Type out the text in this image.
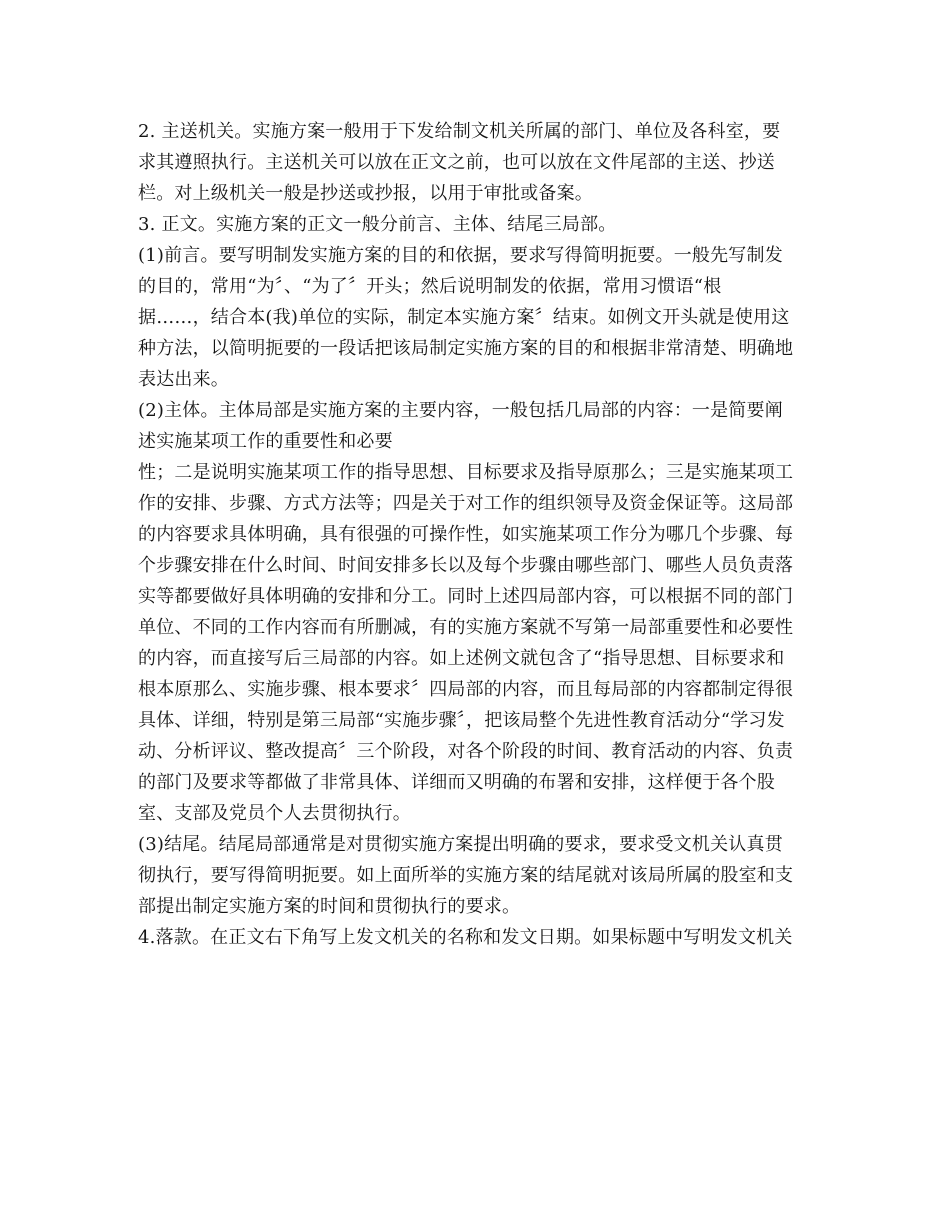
2. 主送机关。实施方案一般用于下发给制文机关所属的部门、单位及各科室，要
求其遵照执行。主送机关可以放在正文之前，也可以放在文件尾部的主送、抄送
栏。对上级机关一般是抄送或抄报，以用于审批或备案。
3. 正文。实施方案的正文一般分前言、主体、结尾三局部。
(1)前言。要写明制发实施方案的目的和依据，要求写得简明扼要。一般先写制发
的目的，常用“为〞、“为了〞开头；然后说明制发的依据，常用习惯语“根
据……，结合本(我)单位的实际，制定本实施方案〞结束。如例文开头就是使用这
种方法，以简明扼要的一段话把该局制定实施方案的目的和根据非常清楚、明确地
表达出来。
(2)主体。主体局部是实施方案的主要内容，一般包括几局部的内容：一是简要阐
述实施某项工作的重要性和必要
性；二是说明实施某项工作的指导思想、目标要求及指导原那么；三是实施某项工
作的安排、步骤、方式方法等；四是关于对工作的组织领导及资金保证等。这局部
的内容要求具体明确，具有很强的可操作性，如实施某项工作分为哪几个步骤、每
个步骤安排在什么时间、时间安排多长以及每个步骤由哪些部门、哪些人员负责落
实等都要做好具体明确的安排和分工。同时上述四局部内容，可以根据不同的部门
单位、不同的工作内容而有所删减，有的实施方案就不写第一局部重要性和必要性
的内容，而直接写后三局部的内容。如上述例文就包含了“指导思想、目标要求和
根本原那么、实施步骤、根本要求〞四局部的内容，而且每局部的内容都制定得很
具体、详细，特别是第三局部“实施步骤〞，把该局整个先进性教育活动分“学习发
动、分析评议、整改提高〞三个阶段，对各个阶段的时间、教育活动的内容、负责
的部门及要求等都做了非常具体、详细而又明确的布署和安排，这样便于各个股
室、支部及党员个人去贯彻执行。
(3)结尾。结尾局部通常是对贯彻实施方案提出明确的要求，要求受文机关认真贯
彻执行，要写得简明扼要。如上面所举的实施方案的结尾就对该局所属的股室和支
部提出制定实施方案的时间和贯彻执行的要求。
4.落款。在正文右下角写上发文机关的名称和发文日期。如果标题中写明发文机关
